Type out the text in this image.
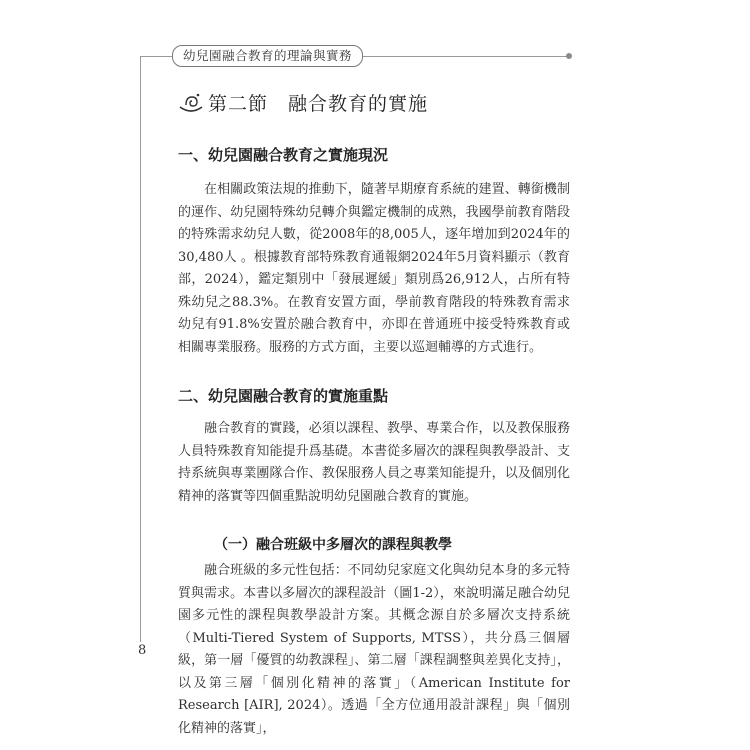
幼兒園融合教育的理論與實務
8
第二節　融合教育的實施
一、幼兒園融合教育之實施現況

在相關政策法規的推動下，隨著早期療育系統的建置、轉銜機制的運作、幼兒園特殊幼兒轉介與鑑定機制的成熟，我國學前教育階段的特殊需求幼兒人數，從2008年的8,005人，逐年增加到2024年的30,480人 。根據教育部特殊教育通報網2024年5月資料顯示（教育部，2024），鑑定類別中「發展遲緩」類別爲26,912人，占所有特殊幼兒之88.3%。在教育安置方面，學前教育階段的特殊教育需求幼兒有91.8%安置於融合教育中，亦即在普通班中接受特殊教育或相關專業服務。服務的方式方面，主要以巡迴輔導的方式進行。

二、幼兒園融合教育的實施重點

融合教育的實踐，必須以課程、教學、專業合作，以及教保服務人員特殊教育知能提升爲基礎。本書從多層次的課程與教學設計、支持系統與專業團隊合作、教保服務人員之專業知能提升，以及個別化精神的落實等四個重點說明幼兒園融合教育的實施。

（一）融合班級中多層次的課程與教學

融合班級的多元性包括：不同幼兒家庭文化與幼兒本身的多元特質與需求。本書以多層次的課程設計（圖1-2），來說明滿足融合幼兒園多元性的課程與教學設計方案。其概念源自於多層次支持系統（Multi-Tiered System of Supports, MTSS），共分爲三個層級，第一層「優質的幼教課程」、第二層「課程調整與差異化支持」，以及第三層「個別化精神的落實」（American Institute for Research [AIR], 2024）。透過「全方位通用設計課程」與「個別化精神的落實」，
